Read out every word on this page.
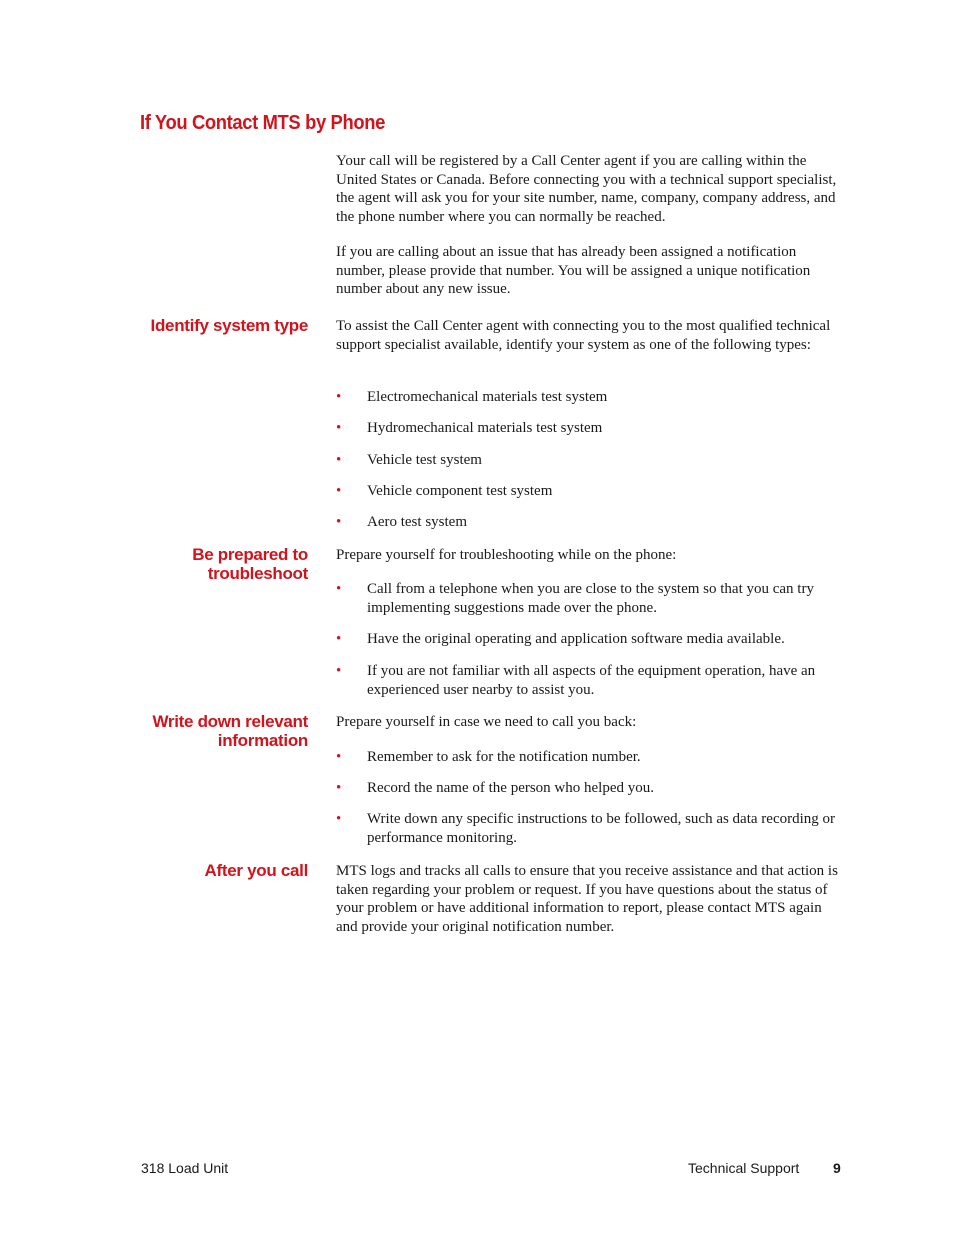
If You Contact MTS by Phone

Your call will be registered by a Call Center agent if you are calling within the United States or Canada. Before connecting you with a technical support specialist, the agent will ask you for your site number, name, company, company address, and the phone number where you can normally be reached.

If you are calling about an issue that has already been assigned a notification number, please provide that number. You will be assigned a unique notification number about any new issue.

Identify system type To assist the Call Center agent with connecting you to the most qualified technical support specialist available, identify your system as one of the following types:

• Electromechanical materials test system
• Hydromechanical materials test system
• Vehicle test system
• Vehicle component test system
• Aero test system
Be prepared to
troubleshoot

Prepare yourself for troubleshooting while on the phone:

• Call from a telephone when you are close to the system so that you can try implementing suggestions made over the phone.
• Have the original operating and application software media available.
• If you are not familiar with all aspects of the equipment operation, have an experienced user nearby to assist you.
Write down relevant
information

Prepare yourself in case we need to call you back:

• Remember to ask for the notification number.
• Record the name of the person who helped you.
• Write down any specific instructions to be followed, such as data recording or performance monitoring.
After you call MTS logs and tracks all calls to ensure that you receive assistance and that action is taken regarding your problem or request. If you have questions about the status of your problem or have additional information to report, please contact MTS again and provide your original notification number.

318 Load Unit	Technical Support 9
